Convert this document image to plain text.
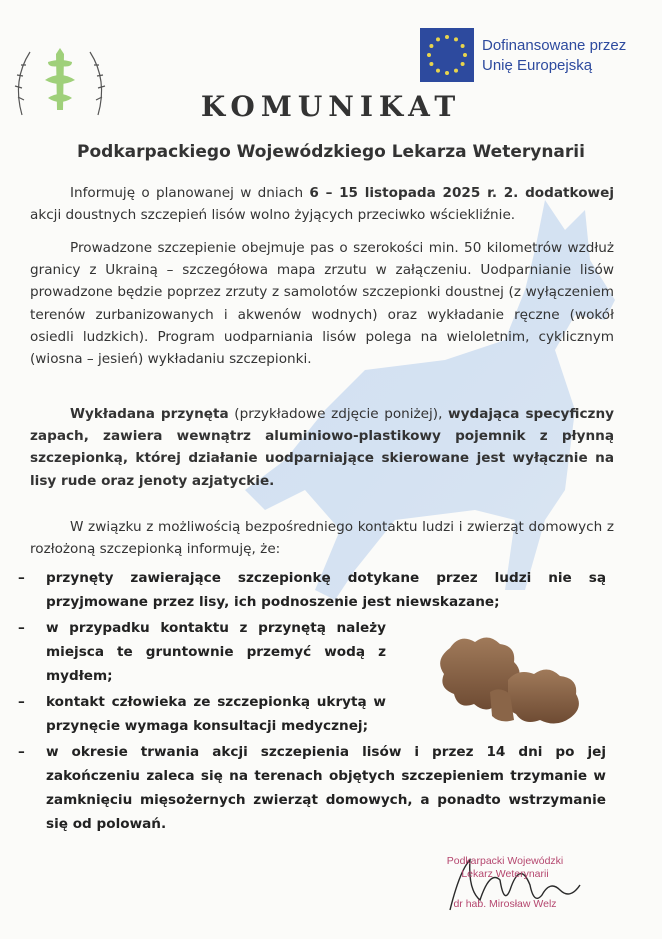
Dofinansowane przez
Unię Europejską
KOMUNIKAT
Podkarpackiego Wojewódzkiego Lekarza Weterynarii
Informuję o planowanej w dniach 6 – 15 listopada 2025 r. 2. dodatkowej akcji doustnych szczepień lisów wolno żyjących przeciwko wściekliźnie.
Prowadzone szczepienie obejmuje pas o szerokości min. 50 kilometrów wzdłuż granicy z Ukrainą – szczegółowa mapa zrzutu w załączeniu. Uodparnianie lisów prowadzone będzie poprzez zrzuty z samolotów szczepionki doustnej (z wyłączeniem terenów zurbanizowanych i akwenów wodnych) oraz wykładanie ręczne (wokół osiedli ludzkich). Program uodparniania lisów polega na wieloletnim, cyklicznym (wiosna – jesień) wykładaniu szczepionki.
Wykładana przynęta (przykładowe zdjęcie poniżej), wydająca specyficzny zapach, zawiera wewnątrz aluminiowo-plastikowy pojemnik z płynną szczepionką, której działanie uodparniające skierowane jest wyłącznie na lisy rude oraz jenoty azjatyckie.
W związku z możliwością bezpośredniego kontaktu ludzi i zwierząt domowych z rozłożoną szczepionką informuję, że:
– przynęty zawierające szczepionkę dotykane przez ludzi nie są przyjmowane przez lisy, ich podnoszenie jest niewskazane;
– w przypadku kontaktu z przynętą należy miejsca te gruntownie przemyć wodą z mydłem;
– kontakt człowieka ze szczepionką ukrytą w przynęcie wymaga konsultacji medycznej;
– w okresie trwania akcji szczepienia lisów i przez 14 dni po jej zakończeniu zaleca się na terenach objętych szczepieniem trzymanie w zamknięciu mięsożernych zwierząt domowych, a ponadto wstrzymanie się od polowań.
Podkarpacki Wojewódzki
Lekarz Weterynarii
dr hab. Mirosław Welz
